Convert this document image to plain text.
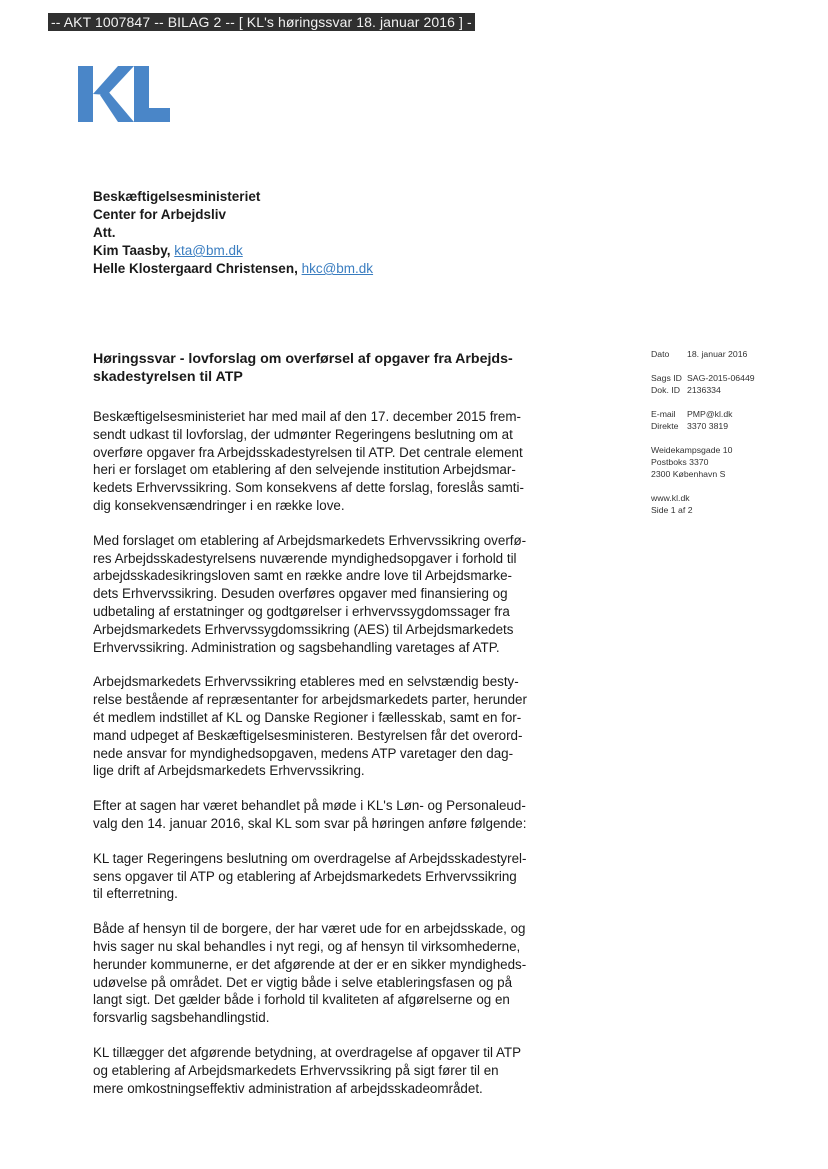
-- AKT 1007847 -- BILAG 2 -- [ KL's høringssvar 18. januar 2016 ] -
Beskæftigelsesministeriet
Center for Arbejdsliv
Att.
Kim Taasby, kta@bm.dk
Helle Klostergaard Christensen, hkc@bm.dk
Høringssvar - lovforslag om overførsel af opgaver fra Arbejds-
skadestyrelsen til ATP
Dato 18. januar 2016
Sags ID SAG-2015-06449
Dok. ID 2136334
E-mail PMP@kl.dk
Direkte 3370 3819
Weidekampsgade 10
Postboks 3370
2300 København S
www.kl.dk
Side 1 af 2
Beskæftigelsesministeriet har med mail af den 17. december 2015 frem-
sendt udkast til lovforslag, der udmønter Regeringens beslutning om at
overføre opgaver fra Arbejdsskadestyrelsen til ATP. Det centrale element
heri er forslaget om etablering af den selvejende institution Arbejdsmar-
kedets Erhvervssikring. Som konsekvens af dette forslag, foreslås samti-
dig konsekvensændringer i en række love.
Med forslaget om etablering af Arbejdsmarkedets Erhvervssikring overfø-
res Arbejdsskadestyrelsens nuværende myndighedsopgaver i forhold til
arbejdsskadesikringsloven samt en række andre love til Arbejdsmarke-
dets Erhvervssikring. Desuden overføres opgaver med finansiering og
udbetaling af erstatninger og godtgørelser i erhvervssygdomssager fra
Arbejdsmarkedets Erhvervssygdomssikring (AES) til Arbejdsmarkedets
Erhvervssikring. Administration og sagsbehandling varetages af ATP.
Arbejdsmarkedets Erhvervssikring etableres med en selvstændig besty-
relse bestående af repræsentanter for arbejdsmarkedets parter, herunder
ét medlem indstillet af KL og Danske Regioner i fællesskab, samt en for-
mand udpeget af Beskæftigelsesministeren. Bestyrelsen får det overord-
nede ansvar for myndighedsopgaven, medens ATP varetager den dag-
lige drift af Arbejdsmarkedets Erhvervssikring.
Efter at sagen har været behandlet på møde i KL's Løn- og Personaleud-
valg den 14. januar 2016, skal KL som svar på høringen anføre følgende:
KL tager Regeringens beslutning om overdragelse af Arbejdsskadestyrel-
sens opgaver til ATP og etablering af Arbejdsmarkedets Erhvervssikring
til efterretning.
Både af hensyn til de borgere, der har været ude for en arbejdsskade, og
hvis sager nu skal behandles i nyt regi, og af hensyn til virksomhederne,
herunder kommunerne, er det afgørende at der er en sikker myndigheds-
udøvelse på området. Det er vigtig både i selve etableringsfasen og på
langt sigt. Det gælder både i forhold til kvaliteten af afgørelserne og en
forsvarlig sagsbehandlingstid.
KL tillægger det afgørende betydning, at overdragelse af opgaver til ATP
og etablering af Arbejdsmarkedets Erhvervssikring på sigt fører til en
mere omkostningseffektiv administration af arbejdsskadeområdet.
